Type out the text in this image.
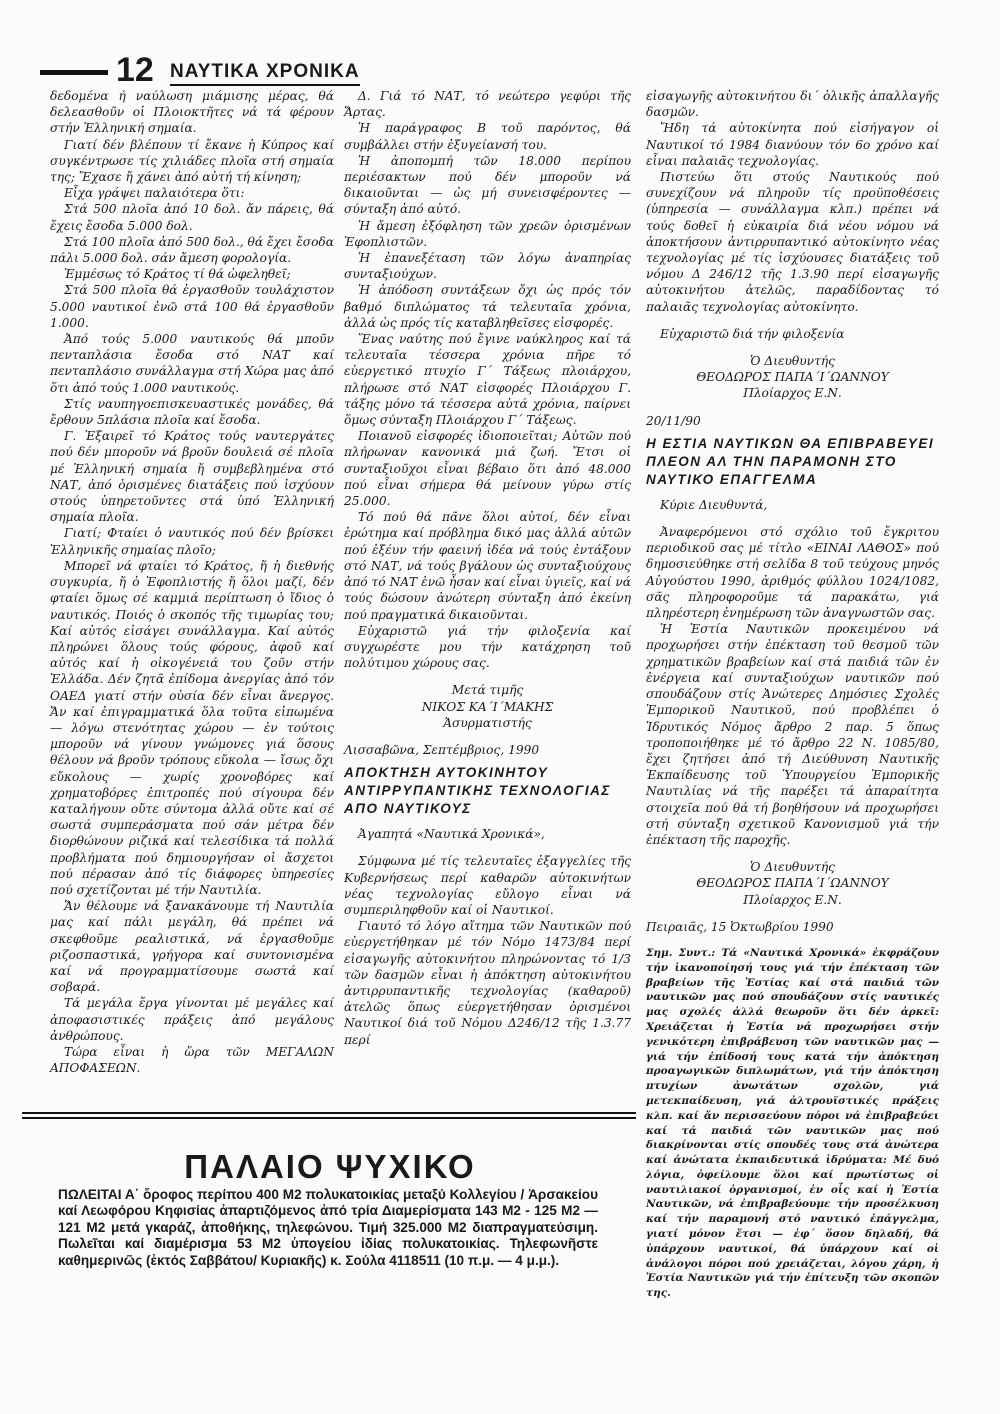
12 ΝΑΥΤΙΚΑ ΧΡΟΝΙΚΑ

δεδομένα ή ναύλωση μιάμισης μέρας, θά δελεασθοῦν οἱ Πλοιοκτῆτες νά τά φέρουν στήν Ἑλληνική σημαία.

Γιατί δέν βλέπουν τί ἔκανε ἡ Κύπρος καί συγκέντρωσε τίς χιλιάδες πλοῖα στή σημαία της; Ἔχασε ἤ χάνει ἀπό αὐτή τή κίνηση;

Εἶχα γράψει παλαιότερα ὅτι:

Στά 500 πλοῖα ἀπό 10 δολ. ἄν πάρεις, θά ἔχεις ἔσοδα 5.000 δολ.

Στά 100 πλοῖα ἀπό 500 δολ., θά ἔχει ἔσοδα πάλι 5.000 δολ. σάν ἄμεση φορολογία.

Ἐμμέσως τό Κράτος τί θά ὠφεληθεῖ;

Στά 500 πλοῖα θά ἐργασθοῦν τουλάχιστον 5.000 ναυτικοί ἐνῶ στά 100 θά ἐργασθοῦν 1.000.

Ἀπό τούς 5.000 ναυτικούς θά μποῦν πενταπλάσια ἔσοδα στό ΝΑΤ καί πενταπλάσιο συνάλλαγμα στή Χώρα μας ἀπό ὅτι ἀπό τούς 1.000 ναυτικούς.

Στίς ναυπηγοεπισκευαστικές μονάδες, θά ἔρθουν 5πλάσια πλοῖα καί ἔσοδα.

Γ. Ἐξαιρεῖ τό Κράτος τούς ναυτεργάτες πού δέν μποροῦν νά βροῦν δουλειά σέ πλοῖα μέ Ἑλληνική σημαία ἤ συμβεβλημένα στό ΝΑΤ, ἀπό ὁρισμένες διατάξεις πού ἰσχύουν στούς ὑπηρετοῦντες στά ὑπό Ἑλληνική σημαία πλοῖα.

Γιατί; Φταίει ὁ ναυτικός πού δέν βρίσκει Ἑλληνικῆς σημαίας πλοῖο;

Μπορεῖ νά φταίει τό Κράτος, ἤ ἡ διεθνής συγκυρία, ἤ ὁ Ἐφοπλιστής ἤ ὅλοι μαζί, δέν φταίει ὅμως σέ καμμιά περίπτωση ὁ ἴδιος ὁ ναυτικός. Ποιός ὁ σκοπός τῆς τιμωρίας του; Καί αὐτός εἰσάγει συνάλλαγμα. Καί αὐτός πληρώνει ὅλους τούς φόρους, ἀφοῦ καί αὐτός καί ἡ οἰκογένειά του ζοῦν στήν Ἑλλάδα. Δέν ζητᾶ ἐπίδομα ἀνεργίας ἀπό τόν ΟΑΕΔ γιατί στήν οὐσία δέν εἶναι ἄνεργος. Ἄν καί ἐπιγραμματικά ὅλα τοῦτα εἰπωμένα — λόγω στενότητας χώρου — ἐν τούτοις μποροῦν νά γίνουν γνώμονες γιά ὅσους θέλουν νά βροῦν τρόπους εὔκολα — ἴσως ὄχι εὔκολους — χωρίς χρονοβόρες καί χρηματοβόρες ἐπιτροπές πού σίγουρα δέν καταλήγουν οὔτε σύντομα ἀλλά οὔτε καί σέ σωστά συμπεράσματα πού σάν μέτρα δέν διορθώνουν ριζικά καί τελεσίδικα τά πολλά προβλήματα πού δημιουργήσαν οἱ ἄσχετοι πού πέρασαν ἀπό τίς διάφορες ὑπηρεσίες πού σχετίζονται μέ τήν Ναυτιλία.

Ἄν θέλουμε νά ξανακάνουμε τή Ναυτιλία μας καί πάλι μεγάλη, θά πρέπει νά σκεφθοῦμε ρεαλιστικά, νά ἐργασθοῦμε ριζοσπαστικά, γρήγορα καί συντονισμένα καί νά προγραμματίσουμε σωστά καί σοβαρά.

Τά μεγάλα ἔργα γίνονται μέ μεγάλες καί ἀποφασιστικές πράξεις ἀπό μεγάλους ἀνθρώπους.

Τώρα εἶναι ἡ ὥρα τῶν ΜΕΓΑΛΩΝ ΑΠΟΦΑΣΕΩΝ.

Δ. Γιά τό ΝΑΤ, τό νεώτερο γεφύρι τῆς Ἄρτας.

Ἡ παράγραφος Β τοῦ παρόντος, θά συμβάλλει στήν ἐξυγείανσή του.

Ἡ ἀποπομπή τῶν 18.000 περίπου περιέσακτων πού δέν μποροῦν νά δικαιοῦνται — ὡς μή συνεισφέροντες — σύνταξη ἀπό αὐτό.

Ἡ ἄμεση ἐξόφληση τῶν χρεῶν ὁρισμένων Ἐφοπλιστῶν.

Ἡ ἐπανεξέταση τῶν λόγω ἀναπηρίας συνταξιούχων.

Ἡ ἀπόδοση συντάξεων ὄχι ὡς πρός τόν βαθμό διπλώματος τά τελευταῖα χρόνια, ἀλλά ὡς πρός τίς καταβληθεῖσες εἰσφορές.

Ἕνας ναύτης πού ἔγινε ναύκληρος καί τά τελευταῖα τέσσερα χρόνια πῆρε τό εὐεργετικό πτυχίο Γ΄ Τάξεως πλοιάρχου, πλήρωσε στό ΝΑΤ εἰσφορές Πλοιάρχου Γ. τάξης μόνο τά τέσσερα αὐτά χρόνια, παίρνει ὅμως σύνταξη Πλοιάρχου Γ΄ Τάξεως.

Ποιανοῦ εἰσφορές ἰδιοποιεῖται; Αὐτῶν πού πλήρωναν κανονικά μιά ζωή. Ἔτσι οἱ συνταξιοῦχοι εἶναι βέβαιο ὅτι ἀπό 48.000 πού εἶναι σήμερα θά μείνουν γύρω στίς 25.000.

Τό πού θά πᾶνε ὅλοι αὐτοί, δέν εἶναι ἐρώτημα καί πρόβλημα δικό μας ἀλλά αὐτῶν πού ἐξέυν τήν φαεινή ἰδέα νά τούς ἐντάξουν στό ΝΑΤ, νά τούς βγάλουν ὡς συνταξιούχους ἀπό τό ΝΑΤ ἐνῶ ἦσαν καί εἶναι ὑγιεῖς, καί νά τούς δώσουν ἀνώτερη σύνταξη ἀπό ἐκείνη πού πραγματικά δικαιοῦνται.

Εὐχαριστῶ γιά τήν φιλοξενία καί συγχωρέστε μου τήν κατάχρηση τοῦ πολύτιμου χώρους σας.

Μετά τιμῆς

ΝΙΚΟΣ ΚΑ΄Ι΄ΜΑΚΗΣ

Ἀσυρματιστής

Λισσαβῶνα, Σεπτέμβριος, 1990

ΑΠΟΚΤΗΣΗ ΑΥΤΟΚΙΝΗΤΟΥ ΑΝΤΙΡΡΥΠΑΝΤΙΚΗΣ ΤΕΧΝΟΛΟΓΙΑΣ ΑΠΟ ΝΑΥΤΙΚΟΥΣ

Ἀγαπητά «Ναυτικά Χρονικά»,

Σύμφωνα μέ τίς τελευταῖες ἐξαγγελίες τῆς Κυβερνήσεως περί καθαρῶν αὐτοκινήτων νέας τεχνολογίας εὔλογο εἶναι νά συμπεριληφθοῦν καί οἱ Ναυτικοί.

Γιαυτό τό λόγο αἴτημα τῶν Ναυτικῶν πού εὐεργετήθηκαν μέ τόν Νόμο 1473/84 περί εἰσαγωγῆς αὐτοκινήτου πληρώνοντας τό 1/3 τῶν δασμῶν εἶναι ἡ ἀπόκτηση αὐτοκινήτου ἀντιρρυπαντικῆς τεχνολογίας (καθαροῦ) ἀτελῶς ὅπως εὐεργετήθησαν ὁρισμένοι Ναυτικοί διά τοῦ Νόμου Δ246/12 τῆς 1.3.77 περί

εἰσαγωγῆς αὐτοκινήτου δι΄ ὁλικῆς ἀπαλλαγῆς δασμῶν.

Ἤδη τά αὐτοκίνητα πού εἰσήγαγον οἱ Ναυτικοί τό 1984 διανύουν τόν 6ο χρόνο καί εἶναι παλαιᾶς τεχνολογίας.

Πιστεύω ὅτι στούς Ναυτικούς πού συνεχίζουν νά πληροῦν τίς προϋποθέσεις (ὑπηρεσία — συνάλλαγμα κλπ.) πρέπει νά τούς δοθεῖ ἡ εὐκαιρία διά νέου νόμου νά ἀποκτήσουν ἀντιρρυπαντικό αὐτοκίνητο νέας τεχνολογίας μέ τίς ἰσχύουσες διατάξεις τοῦ νόμου Δ 246/12 τῆς 1.3.90 περί εἰσαγωγῆς αὐτοκινήτου ἀτελῶς, παραδίδοντας τό παλαιᾶς τεχνολογίας αὐτοκίνητο.

Εὐχαριστῶ διά τήν φιλοξενία

Ὁ Διευθυντής

ΘΕΟΔΩΡΟΣ ΠΑΠΑ΄Ι΄ΩΑΝΝΟΥ

Πλοίαρχος Ε.Ν.

20/11/90

Η ΕΣΤΙΑ ΝΑΥΤΙΚΩΝ ΘΑ ΕΠΙΒΡΑΒΕΥΕΙ ΠΛΕΟΝ ΑΛ ΤΗΝ ΠΑΡΑΜΟΝΗ ΣΤΟ ΝΑΥΤΙΚΟ ΕΠΑΓΓΕΛΜΑ

Κύριε Διευθυντά,

Ἀναφερόμενοι στό σχόλιο τοῦ ἔγκριτου περιοδικοῦ σας μέ τίτλο «ΕΙΝΑΙ ΛΑΘΟΣ» πού δημοσιεύθηκε στή σελίδα 8 τοῦ τεύχους μηνός Αὐγούστου 1990, ἀριθμός φύλλου 1024/1082, σᾶς πληροφοροῦμε τά παρακάτω, γιά πληρέστερη ἐνημέρωση τῶν ἀναγνωστῶν σας.

Ἡ Ἑστία Ναυτικῶν προκειμένου νά προχωρήσει στήν ἐπέκταση τοῦ θεσμοῦ τῶν χρηματικῶν βραβείων καί στά παιδιά τῶν ἐν ἐνέργεια καί συνταξιούχων ναυτικῶν πού σπουδάζουν στίς Ἀνώτερες Δημόσιες Σχολές Ἐμπορικοῦ Ναυτικοῦ, πού προβλέπει ὁ Ἱδρυτικός Νόμος ἄρθρο 2 παρ. 5 ὅπως τροποποιήθηκε μέ τό ἄρθρο 22 Ν. 1085/80, ἔχει ζητήσει ἀπό τή Διεύθυνση Ναυτικῆς Ἐκπαίδευσης τοῦ Ὑπουργείου Ἐμπορικῆς Ναυτιλίας νά τῆς παρέξει τά ἀπαραίτητα στοιχεῖα πού θά τή βοηθήσουν νά προχωρήσει στή σύνταξη σχετικοῦ Κανονισμοῦ γιά τήν ἐπέκταση τῆς παροχῆς.

Ὁ Διευθυντής

ΘΕΟΔΩΡΟΣ ΠΑΠΑ΄Ι΄ΩΑΝΝΟΥ

Πλοίαρχος Ε.Ν.

Πειραιᾶς, 15 Ὀκτωβρίου 1990

Σημ. Συντ.: Τά «Ναυτικά Χρονικά» ἐκφράζουν τήν ἱκανοποίησή τους γιά τήν ἐπέκταση τῶν βραβείων τῆς Ἑστίας καί στά παιδιά τῶν ναυτικῶν μας πού σπουδάζουν στίς ναυτικές μας σχολές ἀλλά θεωροῦν ὅτι δέν ἀρκεῖ: Χρειάζεται ἡ Ἑστία νά προχωρήσει στήν γενικότερη ἐπιβράβευση τῶν ναυτικῶν μας — γιά τήν ἐπίδοσή τους κατά τήν ἀπόκτηση προαγωγικῶν διπλωμάτων, γιά τήν ἀπόκτηση πτυχίων ἀνωτάτων σχολῶν, γιά μετεκπαίδευση, γιά ἀλτρουϊστικές πράξεις κλπ. καί ἄν περισσεύουν πόροι νά ἐπιβραβεύει καί τά παιδιά τῶν ναυτικῶν μας πού διακρίνονται στίς σπουδές τους στά ἀνώτερα καί ἀνώτατα ἐκπαιδευτικά ἱδρύματα: Μέ δυό λόγια, ὀφείλουμε ὅλοι καί πρωτίστως οἱ ναυτιλιακοί ὀργανισμοί, ἐν οἷς καί ἡ Ἑστία Ναυτικῶν, νά ἐπιβραβεύουμε τήν προσέλκυση καί τήν παραμονή στό ναυτικό ἐπάγγελμα, γιατί μόνον ἔτσι — ἐφ΄ ὅσον δηλαδή, θά ὑπάρχουν ναυτικοί, θά ὑπάρχουν καί οἱ ἀνάλογοι πόροι πού χρειάζεται, λόγου χάρη, ἡ Ἑστία Ναυτικῶν γιά τήν ἐπίτευξη τῶν σκοπῶν της.

ΠΑΛΑΙΟ ΨΥΧΙΚΟ
ΠΩΛΕΙΤΑΙ Α΄ ὄροφος περίπου 400 Μ2 πολυκατοικίας μεταξύ Κολλεγίου / Ἀρσακείου καί Λεωφόρου Κηφισίας ἀπαρτιζόμενος ἀπό τρία Διαμερίσματα 143 Μ2 - 125 Μ2 — 121 Μ2 μετά γκαράζ, ἀποθήκης, τηλεφώνου. Τιμή 325.000 Μ2 διαπραγματεύσιμη. Πωλεῖται καί διαμέρισμα 53 Μ2 ὑπογείου ἰδίας πολυκατοικίας. Τηλεφωνῆστε καθημερινῶς (ἐκτός Σαββάτου/ Κυριακῆς) κ. Σούλα 4118511 (10 π.μ. — 4 μ.μ.).
